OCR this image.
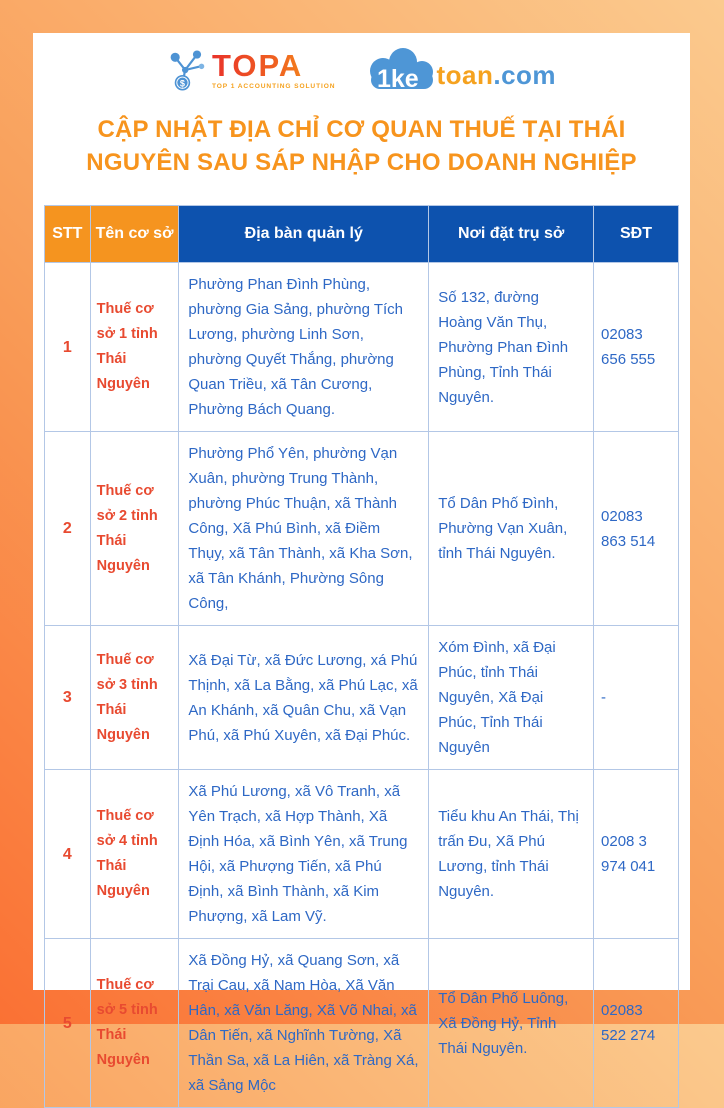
$
TOPA
TOP 1 ACCOUNTING SOLUTION 1ke toan .com
CẬP NHẬT ĐỊA CHỈ CƠ QUAN THUẾ TẠI THÁI
NGUYÊN SAU SÁP NHẬP CHO DOANH NGHIỆP
STT	Tên cơ sở	Địa bàn quản lý	Nơi đặt trụ sở	SĐT
1	Thuế cơ sở 1 tỉnh Thái Nguyên	Phường Phan Đình Phùng, phường Gia Sảng, phường Tích Lương, phường Linh Sơn, phường Quyết Thắng, phường Quan Triều, xã Tân Cương, Phường Bách Quang.	Số 132, đường Hoàng Văn Thụ, Phường Phan Đình Phùng, Tỉnh Thái Nguyên.	02083 656 555
2	Thuế cơ sở 2 tỉnh Thái Nguyên	Phường Phổ Yên, phường Vạn Xuân, phường Trung Thành, phường Phúc Thuận, xã Thành Công, Xã Phú Bình, xã Điềm Thụy, xã Tân Thành, xã Kha Sơn, xã Tân Khánh, Phường Sông Công,	Tổ Dân Phố Đình, Phường Vạn Xuân, tỉnh Thái Nguyên.	02083 863 514
3	Thuế cơ sở 3 tỉnh Thái Nguyên	Xã Đại Từ, xã Đức Lương, xá Phú Thịnh, xã La Bằng, xã Phú Lạc, xã An Khánh, xã Quân Chu, xã Vạn Phú, xã Phú Xuyên, xã Đại Phúc.	Xóm Đình, xã Đại Phúc, tỉnh Thái Nguyên, Xã Đại Phúc, Tỉnh Thái Nguyên	-
4	Thuế cơ sở 4 tỉnh Thái Nguyên	Xã Phú Lương, xã Vô Tranh, xã Yên Trạch, xã Hợp Thành, Xã Định Hóa, xã Bình Yên, xã Trung Hội, xã Phượng Tiến, xã Phú Định, xã Bình Thành, xã Kim Phượng, xã Lam Vỹ.	Tiểu khu An Thái, Thị trấn Đu, Xã Phú Lương, tỉnh Thái Nguyên.	0208 3 974 041
5	Thuế cơ sở 5 tỉnh Thái Nguyên	Xã Đồng Hỷ, xã Quang Sơn, xã Trại Cau, xã Nam Hòa, Xã Văn Hân, xã Văn Lăng, Xã Võ Nhai, xã Dân Tiến, xã Nghĩnh Tường, Xã Thần Sa, xã La Hiên, xã Tràng Xá, xã Sảng Mộc	Tổ Dân Phố Luông, Xã Đồng Hỷ, Tỉnh Thái Nguyên.	02083 522 274
